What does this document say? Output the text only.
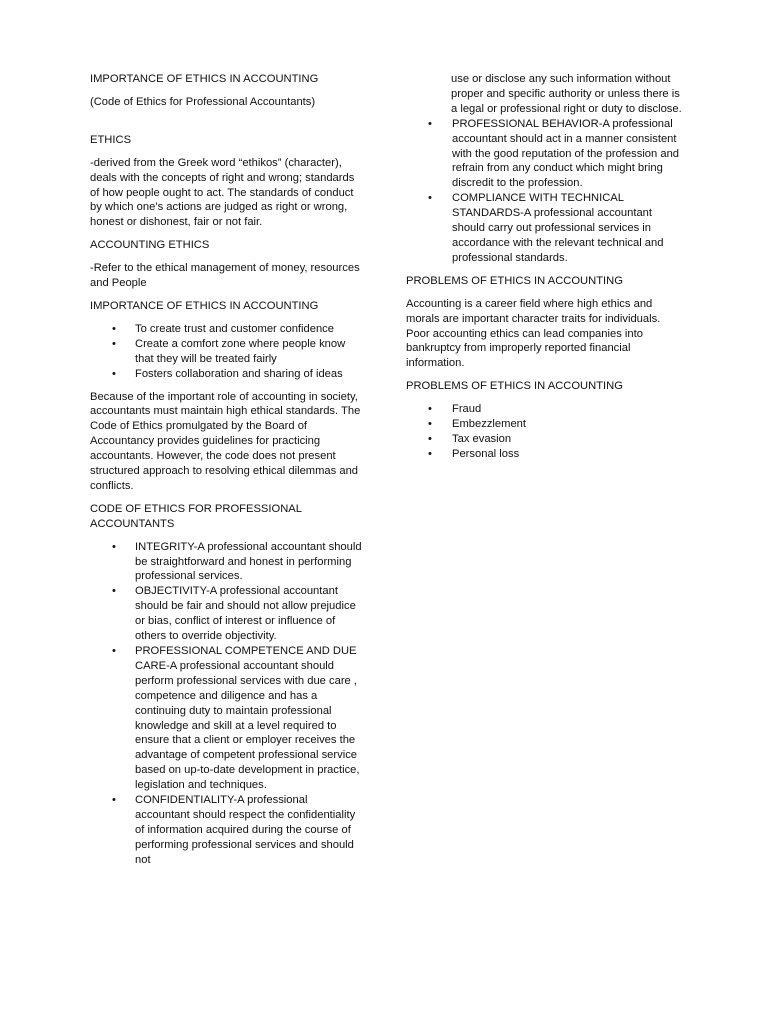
IMPORTANCE OF ETHICS IN ACCOUNTING

(Code of Ethics for Professional Accountants)

ETHICS

-derived from the Greek word “ethikos” (character), deals with the concepts of right and wrong; standards of how people ought to act. The standards of conduct by which one’s actions are judged as right or wrong, honest or dishonest, fair or not fair.

ACCOUNTING ETHICS

-Refer to the ethical management of money, resources and People

IMPORTANCE OF ETHICS IN ACCOUNTING

• To create trust and customer confidence
• Create a comfort zone where people know that they will be treated fairly
• Fosters collaboration and sharing of ideas

Because of the important role of accounting in society, accountants must maintain high ethical standards. The Code of Ethics promulgated by the Board of Accountancy provides guidelines for practicing accountants. However, the code does not present structured approach to resolving ethical dilemmas and conflicts.

CODE OF ETHICS FOR PROFESSIONAL ACCOUNTANTS

• INTEGRITY-A professional accountant should be straightforward and honest in performing professional services.
• OBJECTIVITY-A professional accountant should be fair and should not allow prejudice or bias, conflict of interest or influence of others to override objectivity.
• PROFESSIONAL COMPETENCE AND DUE CARE-A professional accountant should perform professional services with due care , competence and diligence and has a continuing duty to maintain professional knowledge and skill at a level required to ensure that a client or employer receives the advantage of competent professional service based on up-to-date development in practice, legislation and techniques.
• CONFIDENTIALITY-A professional accountant should respect the confidentiality of information acquired during the course of performing professional services and should not

use or disclose any such information without proper and specific authority or unless there is a legal or professional right or duty to disclose.

• PROFESSIONAL BEHAVIOR-A professional accountant should act in a manner consistent with the good reputation of the profession and refrain from any conduct which might bring discredit to the profession.
• COMPLIANCE WITH TECHNICAL STANDARDS-A professional accountant should carry out professional services in accordance with the relevant technical and professional standards.

PROBLEMS OF ETHICS IN ACCOUNTING

Accounting is a career field where high ethics and morals are important character traits for individuals. Poor accounting ethics can lead companies into bankruptcy from improperly reported financial information.

PROBLEMS OF ETHICS IN ACCOUNTING

• Fraud
• Embezzlement
• Tax evasion
• Personal loss
